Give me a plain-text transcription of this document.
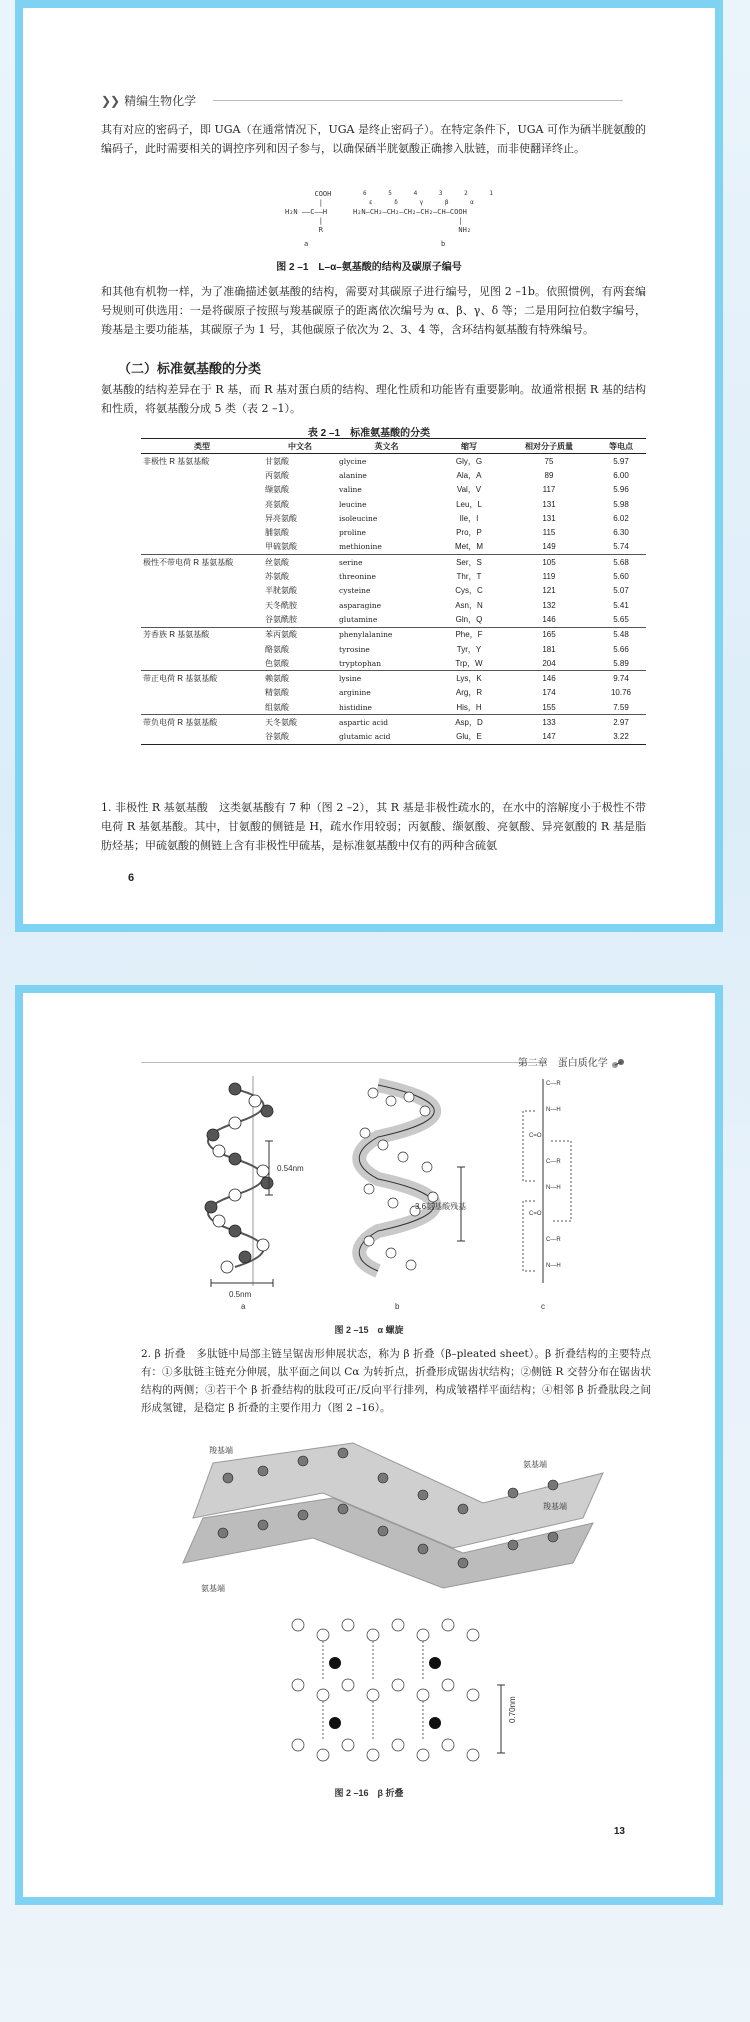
❯❯ 精编生物化学
其有对应的密码子，即 UGA（在通常情况下，UGA 是终止密码子）。在特定条件下，UGA 可作为硒半胱氨酸的编码子，此时需要相关的调控序列和因子参与，以确保硒半胱氨酸正确掺入肽链，而非使翻译终止。
COOH
|
H₂N ——C——H
|
R
6      5      4      3      2      1
ε      δ      γ      β      α
H₂N—CH₂—CH₂—CH₂—CH₂—CH—COOH
|
NH₂
a	b
图 2 –1　L–α–氨基酸的结构及碳原子编号
和其他有机物一样，为了准确描述氨基酸的结构，需要对其碳原子进行编号，见图 2 –1b。依照惯例，有两套编号规则可供选用：一是将碳原子按照与羧基碳原子的距离依次编号为 α、β、γ、δ 等；二是用阿拉伯数字编号，羧基是主要功能基，其碳原子为 1 号，其他碳原子依次为 2、3、4 等，含环结构氨基酸有特殊编号。
（二）标准氨基酸的分类
氨基酸的结构差异在于 R 基，而 R 基对蛋白质的结构、理化性质和功能皆有重要影响。故通常根据 R 基的结构和性质，将氨基酸分成 5 类（表 2 –1）。
表 2 –1　标准氨基酸的分类
类型	中文名	英文名	缩写	相对分子质量	等电点
非极性 R 基氨基酸	甘氨酸	glycine	Gly，G	75	5.97
	丙氨酸	alanine	Ala，A	89	6.00
	缬氨酸	valine	Val，V	117	5.96
	亮氨酸	leucine	Leu，L	131	5.98
	异亮氨酸	isoleucine	Ile，I	131	6.02
	脯氨酸	proline	Pro，P	115	6.30
	甲硫氨酸	methionine	Met，M	149	5.74
极性不带电荷 R 基氨基酸	丝氨酸	serine	Ser，S	105	5.68
	苏氨酸	threonine	Thr，T	119	5.60
	半胱氨酸	cysteine	Cys，C	121	5.07
	天冬酰胺	asparagine	Asn，N	132	5.41
	谷氨酰胺	glutamine	Gln，Q	146	5.65
芳香族 R 基氨基酸	苯丙氨酸	phenylalanine	Phe，F	165	5.48
	酪氨酸	tyrosine	Tyr，Y	181	5.66
	色氨酸	tryptophan	Trp，W	204	5.89
带正电荷 R 基氨基酸	赖氨酸	lysine	Lys，K	146	9.74
	精氨酸	arginine	Arg，R	174	10.76
	组氨酸	histidine	His，H	155	7.59
带负电荷 R 基氨基酸	天冬氨酸	aspartic acid	Asp，D	133	2.97
	谷氨酸	glutamic acid	Glu，E	147	3.22
1. 非极性 R 基氨基酸　这类氨基酸有 7 种（图 2 –2），其 R 基是非极性疏水的，在水中的溶解度小于极性不带电荷 R 基氨基酸。其中，甘氨酸的侧链是 H，疏水作用较弱；丙氨酸、缬氨酸、亮氨酸、异亮氨酸的 R 基是脂肪烃基；甲硫氨酸的侧链上含有非极性甲硫基，是标准氨基酸中仅有的两种含硫氨
6
第二章　蛋白质化学
0.54nm
0.5nm
a
3.6氨基酸残基
b
C—R
N—H
C=O
C—R
N—H
C=O
C—R
N—H
c
图 2 –15　α 螺旋
2. β 折叠　多肽链中局部主链呈锯齿形伸展状态，称为 β 折叠（β–pleated sheet）。β 折叠结构的主要特点有：①多肽链主链充分伸展，肽平面之间以 Cα 为转折点，折叠形成锯齿状结构；②侧链 R 交替分布在锯齿状结构的两侧；③若干个 β 折叠结构的肽段可正/反向平行排列，构成皱褶样平面结构；④相邻 β 折叠肽段之间形成氢键，是稳定 β 折叠的主要作用力（图 2 –16）。
羧基端
氨基端
氨基端
羧基端
0.70nm
图 2 –16　β 折叠
13
